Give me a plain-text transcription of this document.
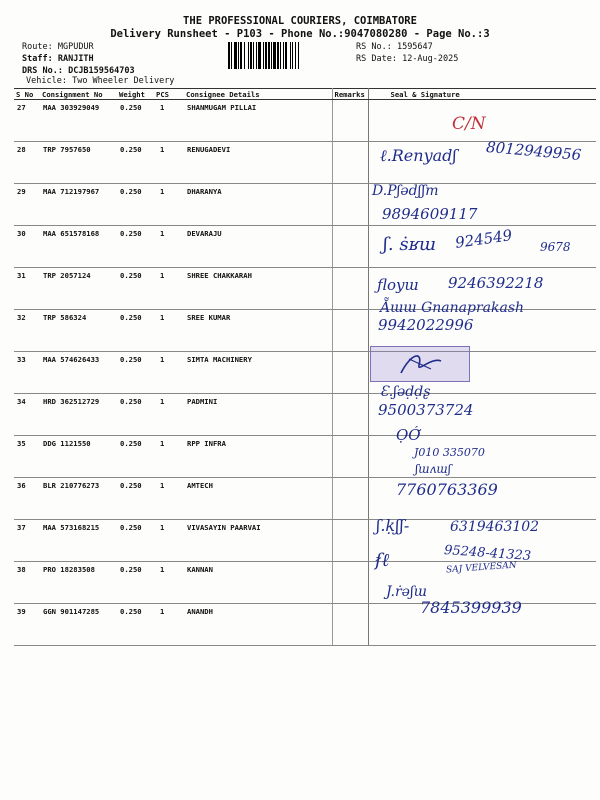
THE PROFESSIONAL COURIERS, COIMBATORE
Delivery Runsheet - P103 - Phone No.:9047080280 - Page No.:3
Route: MGPUDUR
Staff: RANJITH
DRS No.: DCJB159564703
Vehicle: Two Wheeler Delivery
RS No.: 1595647
RS Date: 12-Aug-2025
S No	Consignment No	Weight	PCS	Consignee Details	Remarks	Seal & Signature
27	MAA 303929049	0.250	1	SHANMUGAM PILLAI		
28	TRP 7957650	0.250	1	RENUGADEVI		
29	MAA 712197967	0.250	1	DHARANYA		
30	MAA 651578168	0.250	1	DEVARAJU		
31	TRP 2057124	0.250	1	SHREE CHAKKARAH		
32	TRP 586324	0.250	1	SREE KUMAR		
33	MAA 574626433	0.250	1	SIMTA MACHINERY		
34	HRD 362512729	0.250	1	PADMINI		
35	DDG 1121550	0.250	1	RPP INFRA		
36	BLR 210776273	0.250	1	AMTECH		
37	MAA 573168215	0.250	1	VIVASAYIN PAARVAI		
38	PRO 18283508	0.250	1	KANNAN		
39	GGN 901147285	0.250	1	ANANDH		
C/N
ℓ.Renyadʃ 8012949956
D.Pʃədʃʃm
9894609117
ʃ. ṡʁɯ 924549 9678
ƒloyɯ 9246392218
Ẵɯɯ Gnanaprakash
9942022996
Ɛ.ʃəḍḍʂ
9500373724
ỌỚ
J010 335070
ʃɯʌɯʃ
7760763369
ʃ.ḳʃʃ-	6319463102
ẜℓ	95248-41323
SAJ VELVESAN
J.ṙəʃɯ
7845399939
